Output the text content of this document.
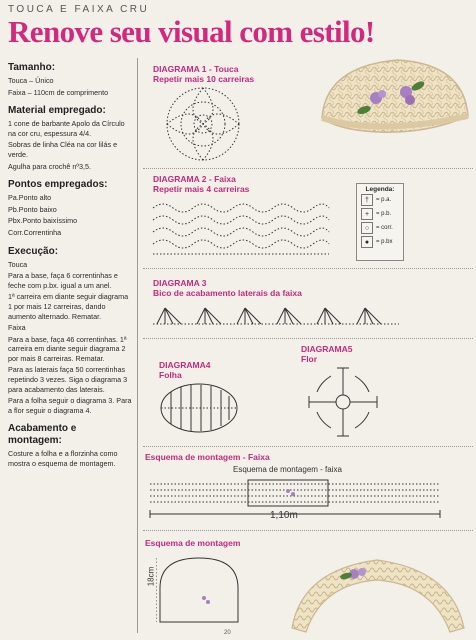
TOUCA E FAIXA CRU
Renove seu visual com estilo!
Tamanho:
Touca – Único
Faixa – 110cm de comprimento
Material empregado:
1 cone de barbante Apolo da Círculo na cor cru, espessura 4/4.
Sobras de linha Cléa na cor lilás e verde.
Agulha para crochê nº3,5.
Pontos empregados:
Pa.Ponto alto
Pb.Ponto baixo
Pbx.Ponto baixíssimo
Corr.Correntinha
Execução:
Touca
Para a base, faça 6 correntinhas e feche com p.bx. igual a um anel.
1ª carreira em diante seguir diagrama 1 por mais 12 carreiras, dando aumento alternado. Rematar.
Faixa
Para a base, faça 46 correntinhas. 1ª carreira em diante seguir diagrama 2 por mais 8 carreiras. Rematar.
Para as laterais faça 50 correntinhas repetindo 3 vezes. Siga o diagrama 3 para acabamento das laterais.
Para a folha seguir o diagrama 3. Para a flor seguir o diagrama 4.
Acabamento e montagem:
Costure a folha e a florzinha como mostra o esquema de montagem.
DIAGRAMA 1 - Touca
Repetir mais 10 carreiras
DIAGRAMA 2 - Faixa
Repetir mais 4 carreiras	Legenda:
†	= p.a.
+	= p.b.
○	= corr.
●	= p.bx
DIAGRAMA 3
Bico de acabamento laterais da faixa
DIAGRAMA4
Folha
DIAGRAMA5
Flor
Esquema de montagem - Faixa
Esquema de montagem - faixa
1,10m
Esquema de montagem
18cm
20
